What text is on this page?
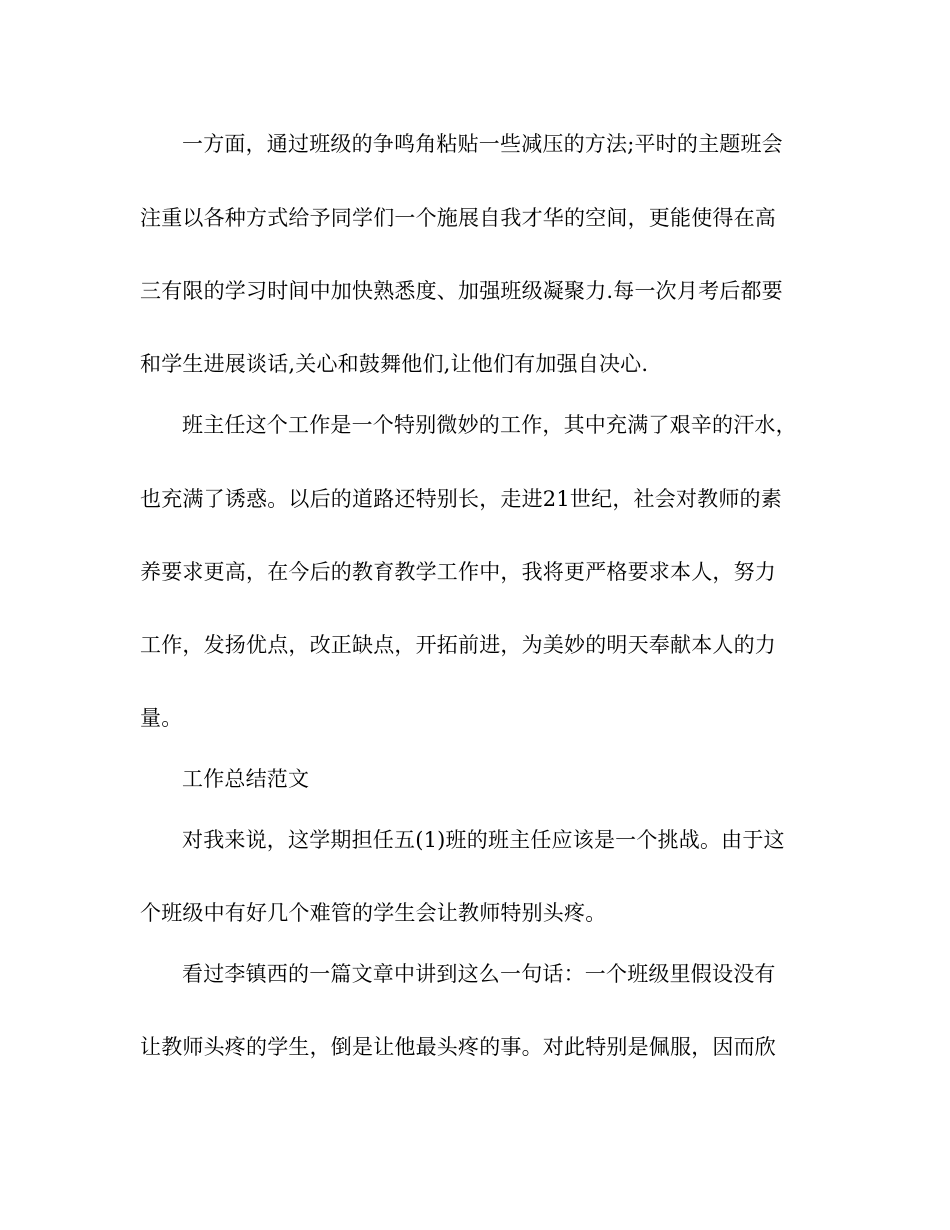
一方面，通过班级的争鸣角粘贴一些减压的方法;平时的主题班会
注重以各种方式给予同学们一个施展自我才华的空间，更能使得在高
三有限的学习时间中加快熟悉度、加强班级凝聚力.每一次月考后都要
和学生进展谈话,关心和鼓舞他们,让他们有加强自决心.
班主任这个工作是一个特别微妙的工作，其中充满了艰辛的汗水，
也充满了诱惑。以后的道路还特别长，走进21世纪，社会对教师的素
养要求更高，在今后的教育教学工作中，我将更严格要求本人，努力
工作，发扬优点，改正缺点，开拓前进，为美妙的明天奉献本人的力
量。
工作总结范文
对我来说，这学期担任五(1)班的班主任应该是一个挑战。由于这
个班级中有好几个难管的学生会让教师特别头疼。
看过李镇西的一篇文章中讲到这么一句话：一个班级里假设没有
让教师头疼的学生，倒是让他最头疼的事。对此特别是佩服，因而欣
